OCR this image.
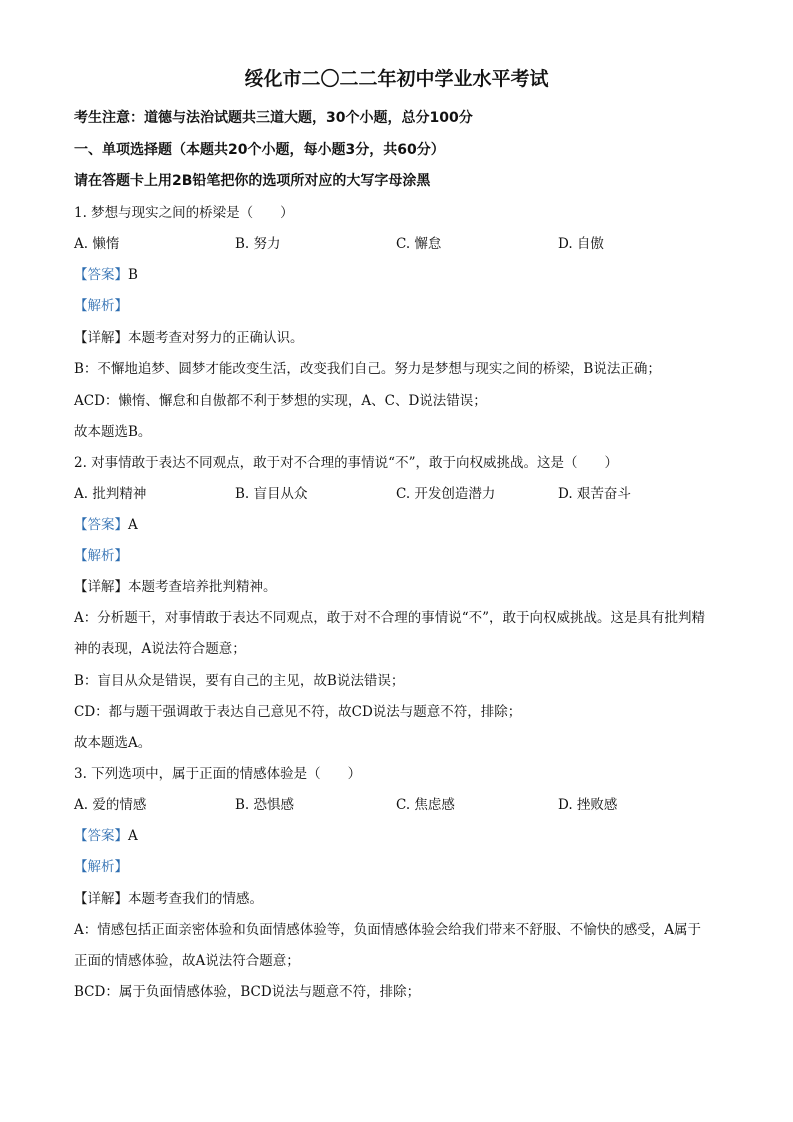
绥化市二〇二二年初中学业水平考试
考生注意：道德与法治试题共三道大题，30个小题，总分100分
一、单项选择题（本题共20个小题，每小题3分，共60分）
请在答题卡上用2B铅笔把你的选项所对应的大写字母涂黑
1. 梦想与现实之间的桥梁是（　　）
A. 懒惰	B. 努力	C. 懈怠	D. 自傲
【答案】B
【解析】
【详解】本题考查对努力的正确认识。
B：不懈地追梦、圆梦才能改变生活，改变我们自己。努力是梦想与现实之间的桥梁，B说法正确；
ACD：懒惰、懈怠和自傲都不利于梦想的实现，A、C、D说法错误；
故本题选B。
2. 对事情敢于表达不同观点，敢于对不合理的事情说“不”，敢于向权威挑战。这是（　　）
A. 批判精神	B. 盲目从众	C. 开发创造潜力	D. 艰苦奋斗
【答案】A
【解析】
【详解】本题考查培养批判精神。
A：分析题干，对事情敢于表达不同观点，敢于对不合理的事情说“不”，敢于向权威挑战。这是具有批判精
神的表现，A说法符合题意；
B：盲目从众是错误，要有自己的主见，故B说法错误；
CD：都与题干强调敢于表达自己意见不符，故CD说法与题意不符，排除；
故本题选A。
3. 下列选项中，属于正面的情感体验是（　　）
A. 爱的情感	B. 恐惧感	C. 焦虑感	D. 挫败感
【答案】A
【解析】
【详解】本题考查我们的情感。
A：情感包括正面亲密体验和负面情感体验等，负面情感体验会给我们带来不舒服、不愉快的感受，A属于
正面的情感体验，故A说法符合题意；
BCD：属于负面情感体验，BCD说法与题意不符，排除；
